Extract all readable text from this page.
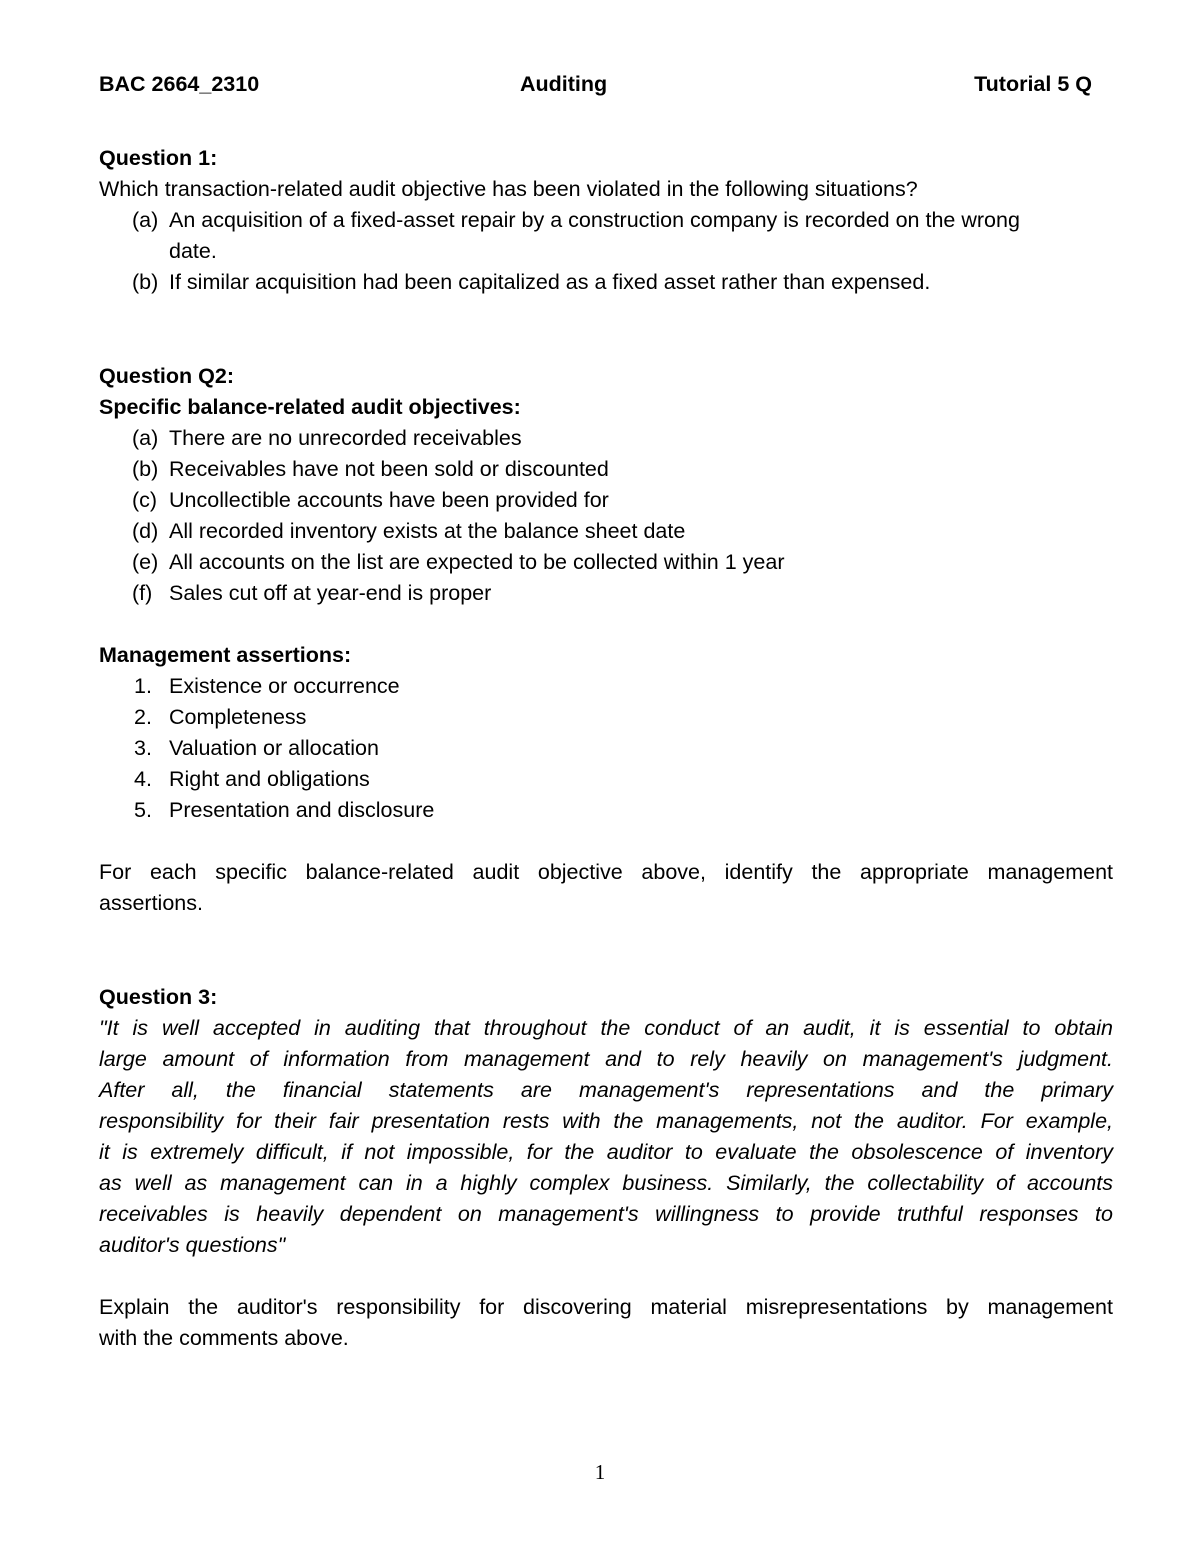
BAC 2664_2310	Auditing	Tutorial 5 Q
Question 1:
Which transaction-related audit objective has been violated in the following situations?
(a) An acquisition of a fixed-asset repair by a construction company is recorded on the wrong
date.
(b) If similar acquisition had been capitalized as a fixed asset rather than expensed.
Question Q2:
Specific balance-related audit objectives:
(a) There are no unrecorded receivables
(b) Receivables have not been sold or discounted
(c) Uncollectible accounts have been provided for
(d) All recorded inventory exists at the balance sheet date
(e) All accounts on the list are expected to be collected within 1 year
(f) Sales cut off at year-end is proper
Management assertions:
1. Existence or occurrence
2. Completeness
3. Valuation or allocation
4. Right and obligations
5. Presentation and disclosure
For each specific balance-related audit objective above, identify the appropriate management
assertions.
Question 3:
"It is well accepted in auditing that throughout the conduct of an audit, it is essential to obtain
large amount of information from management and to rely heavily on management's judgment.
After all, the financial statements are management's representations and the primary
responsibility for their fair presentation rests with the managements, not the auditor. For example,
it is extremely difficult, if not impossible, for the auditor to evaluate the obsolescence of inventory
as well as management can in a highly complex business. Similarly, the collectability of accounts
receivables is heavily dependent on management's willingness to provide truthful responses to
auditor's questions"
Explain the auditor's responsibility for discovering material misrepresentations by management
with the comments above.
1
